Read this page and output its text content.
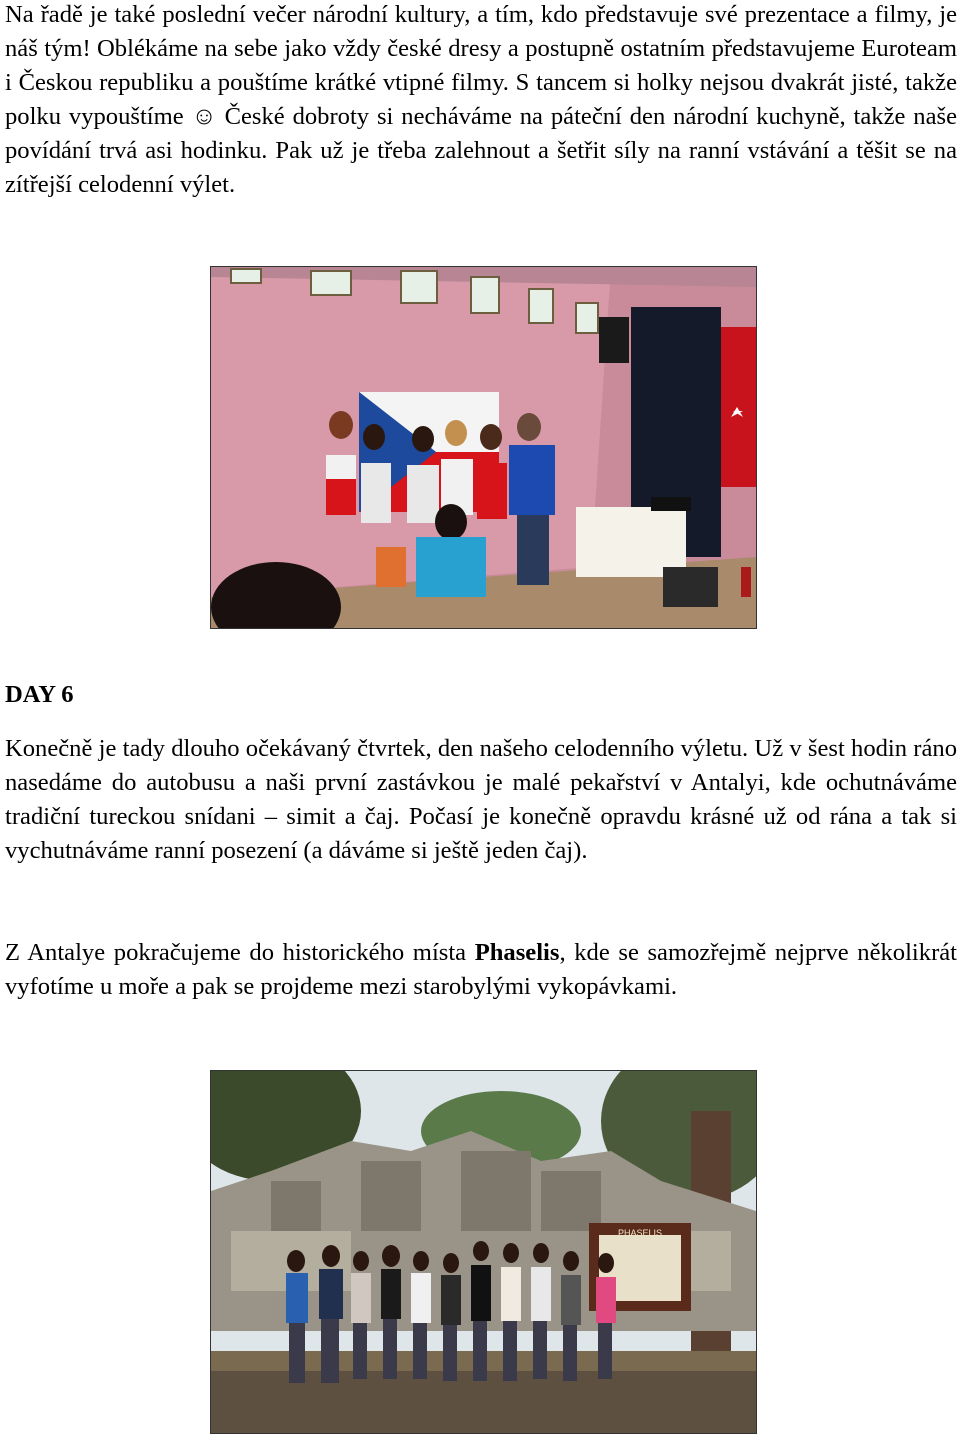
Na řadě je také poslední večer národní kultury, a tím, kdo představuje své prezentace a filmy, je náš tým! Oblékáme na sebe jako vždy české dresy a postupně ostatním představujeme Euroteam i Českou republiku a pouštíme krátké vtipné filmy. S tancem si holky nejsou dvakrát jisté, takže polku vypouštíme ☺ České dobroty si necháváme na páteční den národní kuchyně, takže naše povídání trvá asi hodinku. Pak už je třeba zalehnout a šetřit síly na ranní vstávání a těšit se na zítřejší celodenní výlet.

DAY 6

Konečně je tady dlouho očekávaný čtvrtek, den našeho celodenního výletu. Už v šest hodin ráno nasedáme do autobusu a naši první zastávkou je malé pekařství v Antalyi, kde ochutnáváme tradiční tureckou snídani – simit a čaj. Počasí je konečně opravdu krásné už od rána a tak si vychutnáváme ranní posezení (a dáváme si ještě jeden čaj).

Z Antalye pokračujeme do historického místa Phaselis, kde se samozřejmě nejprve několikrát vyfotíme u moře a pak se projdeme mezi starobylými vykopávkami.

PHASELIS
